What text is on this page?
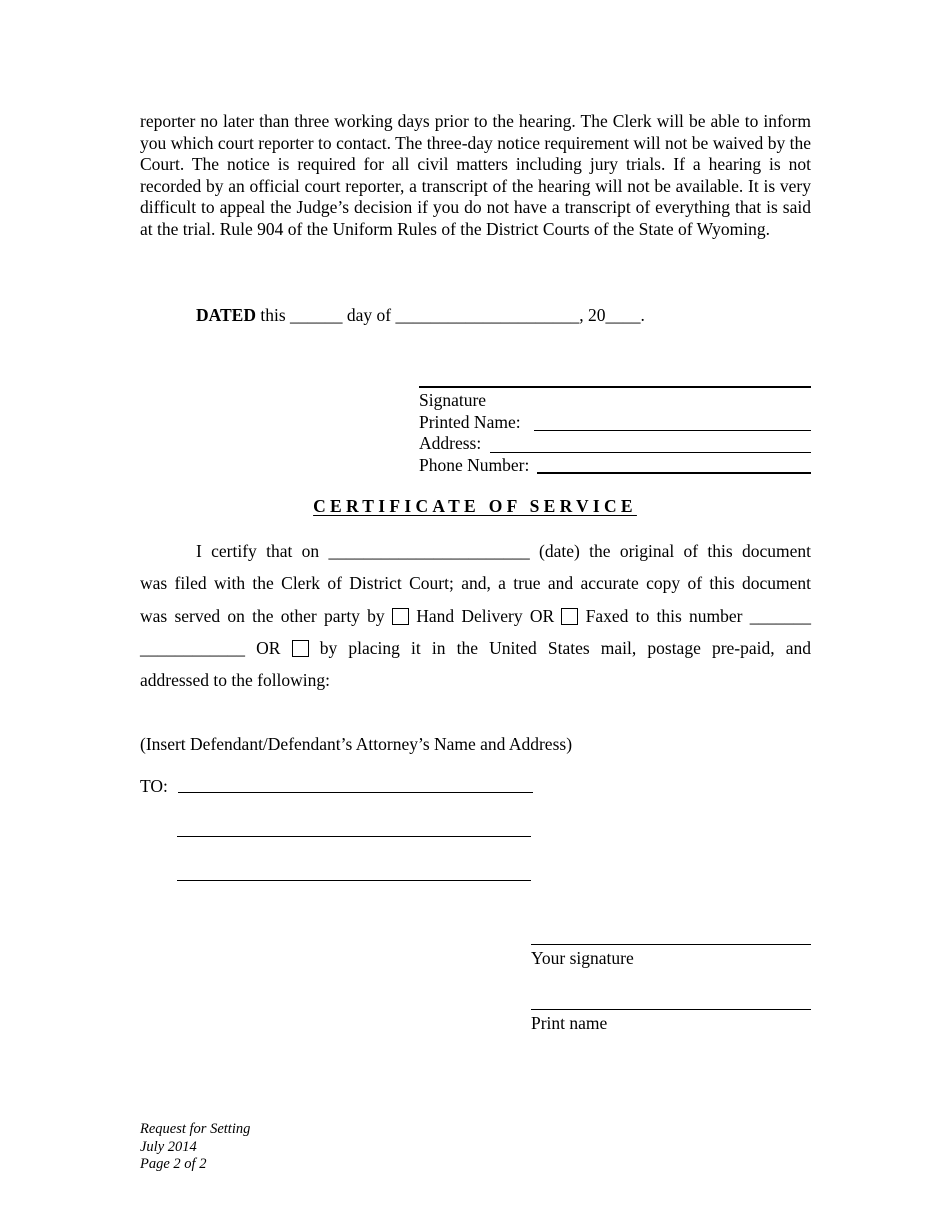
reporter no later than three working days prior to the hearing. The Clerk will be able to inform you which court reporter to contact. The three-day notice requirement will not be waived by the Court. The notice is required for all civil matters including jury trials. If a hearing is not recorded by an official court reporter, a transcript of the hearing will not be available. It is very difficult to appeal the Judge’s decision if you do not have a transcript of everything that is said at the trial. Rule 904 of the Uniform Rules of the District Courts of the State of Wyoming.
DATED this ______ day of _____________________, 20____.
Signature
Printed Name:
Address:
Phone Number:
CERTIFICATE OF SERVICE
I certify that on _______________________ (date) the original of this document
was filed with the Clerk of District Court; and, a true and accurate copy of this document
was served on the other party by Hand Delivery OR Faxed to this number _______
____________ OR by placing it in the United States mail, postage pre-paid, and
addressed to the following:
(Insert Defendant/Defendant’s Attorney’s Name and Address)
TO:
Your signature
Print name
Request for Setting
July 2014
Page 2 of 2
